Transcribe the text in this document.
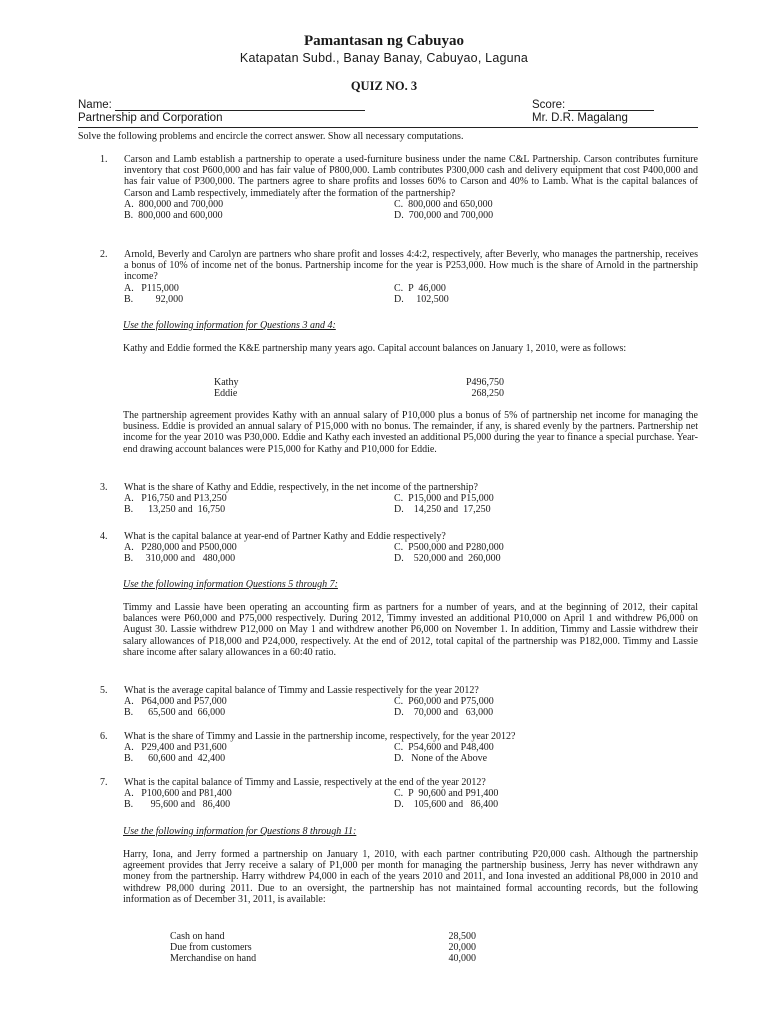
Pamantasan ng Cabuyao
Katapatan Subd., Banay Banay, Cabuyao, Laguna
QUIZ NO. 3
Name:	Score:
Partnership and Corporation	Mr. D.R. Magalang
Solve the following problems and encircle the correct answer. Show all necessary computations.
1. Carson and Lamb establish a partnership to operate a used-furniture business under the name C&L Partnership. Carson contributes furniture inventory that cost P600,000 and has fair value of P800,000. Lamb contributes P300,000 cash and delivery equipment that cost P400,000 and has fair value of P300,000. The partners agree to share profits and losses 60% to Carson and 40% to Lamb. What is the capital balances of Carson and Lamb respectively, immediately after the formation of the partnership?
A.  800,000 and 700,000	C.  800,000 and 650,000
B.  800,000 and 600,000	D.  700,000 and 700,000
2. Arnold, Beverly and Carolyn are partners who share profit and losses 4:4:2, respectively, after Beverly, who manages the partnership, receives a bonus of 10% of income net of the bonus. Partnership income for the year is P253,000. How much is the share of Arnold in the partnership income?
A.   P115,000	C.  P  46,000
B.         92,000	D.     102,500
Use the following information for Questions 3 and 4:
Kathy and Eddie formed the K&E partnership many years ago. Capital account balances on January 1, 2010, were as follows:
Kathy	P496,750
Eddie	268,250
The partnership agreement provides Kathy with an annual salary of P10,000 plus a bonus of 5% of partnership net income for managing the business. Eddie is provided an annual salary of P15,000 with no bonus. The remainder, if any, is shared evenly by the partners. Partnership net income for the year 2010 was P30,000. Eddie and Kathy each invested an additional P5,000 during the year to finance a special purchase. Year-end drawing account balances were P15,000 for Kathy and P10,000 for Eddie.
3. What is the share of Kathy and Eddie, respectively, in the net income of the partnership?
A.   P16,750 and P13,250	C.  P15,000 and P15,000
B.      13,250 and  16,750	D.    14,250 and  17,250
4. What is the capital balance at year-end of Partner Kathy and Eddie respectively?
A.   P280,000 and P500,000	C.  P500,000 and P280,000
B.     310,000 and   480,000	D.    520,000 and  260,000
Use the following information Questions 5 through 7:
Timmy and Lassie have been operating an accounting firm as partners for a number of years, and at the beginning of 2012, their capital balances were P60,000 and P75,000 respectively. During 2012, Timmy invested an additional P10,000 on April 1 and withdrew P6,000 on August 30. Lassie withdrew P12,000 on May 1 and withdrew another P6,000 on November 1. In addition, Timmy and Lassie withdrew their salary allowances of P18,000 and P24,000, respectively. At the end of 2012, total capital of the partnership was P182,000. Timmy and Lassie share income after salary allowances in a 60:40 ratio.
5. What is the average capital balance of Timmy and Lassie respectively for the year 2012?
A.   P64,000 and P57,000	C.  P60,000 and P75,000
B.      65,500 and  66,000	D.    70,000 and   63,000
6. What is the share of Timmy and Lassie in the partnership income, respectively, for the year 2012?
A.   P29,400 and P31,600	C.  P54,600 and P48,400
B.      60,600 and  42,400	D.   None of the Above
7. What is the capital balance of Timmy and Lassie, respectively at the end of the year 2012?
A.   P100,600 and P81,400	C.  P  90,600 and P91,400
B.       95,600 and   86,400	D.    105,600 and   86,400
Use the following information for Questions 8 through 11:
Harry, Iona, and Jerry formed a partnership on January 1, 2010, with each partner contributing P20,000 cash. Although the partnership agreement provides that Jerry receive a salary of P1,000 per month for managing the partnership business, Jerry has never withdrawn any money from the partnership. Harry withdrew P4,000 in each of the years 2010 and 2011, and Iona invested an additional P8,000 in 2010 and withdrew P8,000 during 2011. Due to an oversight, the partnership has not maintained formal accounting records, but the following information as of December 31, 2011, is available:
Cash on hand	28,500
Due from customers	20,000
Merchandise on hand	40,000
